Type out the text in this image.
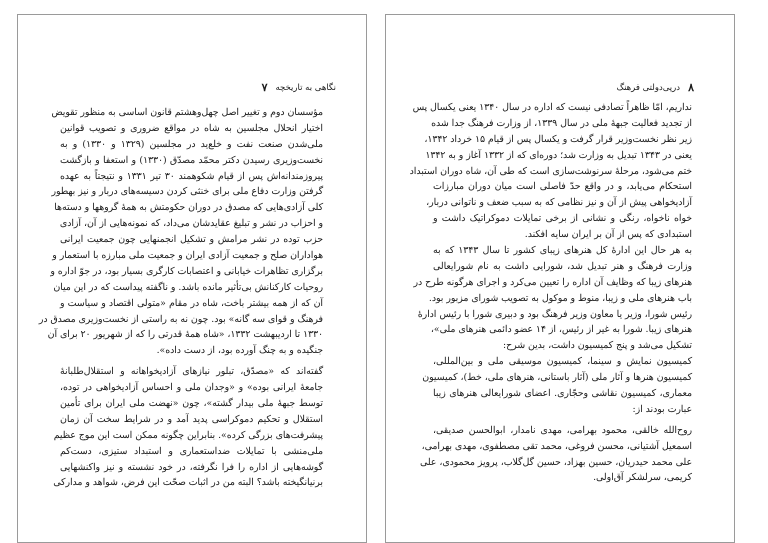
۷ نگاهی به تاریخچه
مؤسسان دوم و تغییر اصل چهل‌وهشتم قانون اساسی به منظور تقویض
اختیار انحلال مجلسین به شاه در مواقع ضروری و تصویب قوانین
ملی‌شدن صنعت نفت و خلع‌ید در مجلسین (۱۳۲۹ و ۱۳۳۰) و به
نخست‌وزیری رسیدن دکتر محمّد مصدّق (۱۳۳۰) و استعفا و بازگشت
پیروزمندانه‌اش پس از قیام شکوهمند ۳۰ تیر ۱۳۳۱ و نتیجتاً به عهده
گرفتن وزارت دفاع ملی برای خنثی کردن دسیسه‌های دربار و نیز بهطور
کلی آزادی‌هایی که مصدق در دوران حکومتش به همهٔ گروهها و دسته‌ها
و احزاب در نشر و تبلیغ عقایدشان می‌داد، که نمونه‌هایی از آن، آزادی
حزب توده در نشر مرامش و تشکیل انجمنهایی چون جمعیت ایرانی
هواداران صلح و جمعیت آزادی ایران و جمعیت ملی مبارزه با استعمار و
برگزاری تظاهرات خیابانی و اعتصابات کارگری بسیار بود، در جوّ اداره و
روحیات کارکنانش بی‌تأثیر مانده باشد. و ناگفته پیداست که در این میان
آن که از همه بیشتر باخت، شاه در مقام «متولی اقتصاد و سیاست و
فرهنگ و قوای سه گانه» بود. چون نه به راستی از نخست‌وزیری مصدق در
۱۳۳۰ تا اردیبهشت ۱۳۳۲، «شاه همهٔ قدرتی را که از شهریور ۲۰ برای آن
جنگیده و به چنگ آورده بود، از دست داده».
گفته‌اند که «مصدّق، تبلور نیازهای آزادیخواهانه و استقلال‌طلبانهٔ
جامعهٔ ایرانی بوده» و «وجدان ملی و احساس آزادیخواهی در توده،
توسط جبههٔ ملی بیدار گشته»، چون «نهضت ملی ایران برای تأمین
استقلال و تحکیم دموکراسی پدید آمد و در شرایط سخت آن زمان
پیشرفت‌های بزرگی کرده». بنابراین چگونه ممکن است این موج عظیم
ملی‌منشی با تمایلات ضداستعماری و استبداد ستیزی، دست‌کم
گوشه‌هایی از اداره را فرا نگرفته، در خود نشسته و نیز واکنشهایی
برنیانگیخته باشد؟ البته من در اثبات صحّت این فرض، شواهد و مدارکی
۸
درپی‌دولتی فرهنگ
نداریم، امّا ظاهراً تصادفی نیست که اداره در سال ۱۳۴۰ یعنی یکسال پس
از تجدید فعالیت جبههٔ ملی در سال ۱۳۳۹، از وزارت فرهنگ جدا شده
زیر نظر نخست‌وزیر قرار گرفت و یکسال پس از قیام ۱۵ خرداد ۱۳۴۲،
یعنی در ۱۳۴۳ تبدیل به وزارت شد؛ دوره‌ای که از ۱۳۳۲ آغاز و به ۱۳۴۲
ختم می‌شود، مرحلهٔ سرنوشت‌سازی است که طی آن، شاه دوران استبداد
استحکام می‌یابد، و در واقع حدّ فاصلی است میان دوران مبارزات
آزادیخواهی پیش از آن و نیز نظامی که به سبب ضعف و ناتوانی دربار،
خواه ناخواه، رنگی و نشانی از برخی تمایلات دموکراتیک داشت و
استبدادی که پس از آن بر ایران سایه افکند.
به هر حال این ادارهٔ کل هنرهای زیبای کشور تا سال ۱۳۴۳ که به
وزارت فرهنگ و هنر تبدیل شد، شورایی داشت به نام شورایعالی
هنرهای زیبا که وظایف آن اداره را تعیین می‌کرد و اجرای هرگونه طرح در
باب هنرهای ملی و زیبا، منوط و موکول به تصویب شورای مزبور بود.
رئیس شورا، وزیر یا معاون وزیر فرهنگ بود و دبیری شورا با رئیس ادارهٔ
هنرهای زیبا. شورا به غیر از رئیس، از ۱۴ عضو دائمی هنرهای ملی»،
تشکیل می‌شد و پنج کمیسیون داشت، بدین شرح:
کمیسیون نمایش و سینما، کمیسیون موسیقی ملی و بین‌المللی،
کمیسیون هنرها و آثار ملی (آثار باستانی، هنرهای ملی، خط)، کمیسیون
معماری، کمیسیون نقاشی وحجّاری. اعضای شورایعالی هنرهای زیبا
عبارت بودند از:
روح‌الله خالقی، محمود بهرامی، مهدی نامدار، ابوالحسن صدیقی،
اسمعیل آشتیانی، محسن فروغی، محمد تقی مصطفوی، مهدی بهرامی،
علی محمد حیدریان، حسین بهزاد، حسین گل‌گلاب، پرویز محمودی، علی
کریمی، سرلشکر آق‌اولی.
